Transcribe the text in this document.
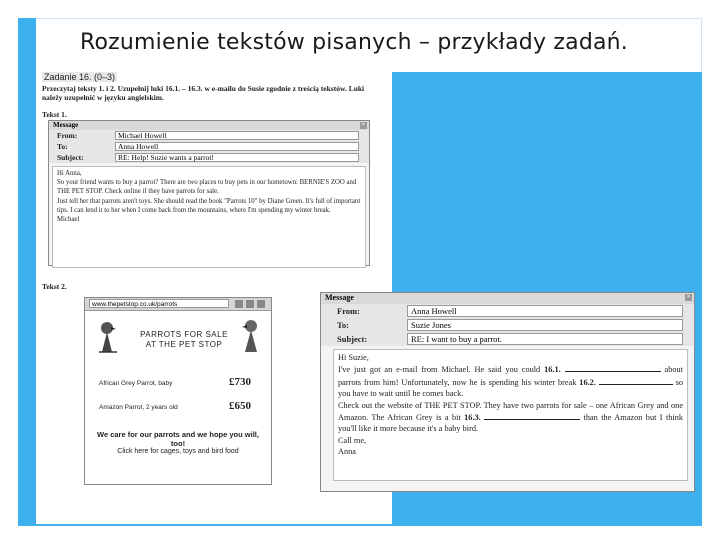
Rozumienie tekstów pisanych – przykłady zadań.
Zadanie 16. (0–3)
Przeczytaj teksty 1. i 2. Uzupełnij luki 16.1. – 16.3. w e-mailu do Susie zgodnie z treścią tekstów. Luki należy uzupełnić w języku angielskim.
Tekst 1.
Message	×
From:	Michael Howell
To:	Anna Howell
Subject:	RE: Help! Suzie wants a parrot!
Hi Anna,
So your friend wants to buy a parrot? There are two places to buy pets in our hometown: BERNIE'S ZOO and THE PET STOP. Check online if they have parrots for sale.
Just tell her that parrots aren't toys. She should read the book "Parrots 10" by Diane Green. It's full of important tips. I can lend it to her when I come back from the mountains, where I'm spending my winter break.
Michael
Tekst 2.
www.thepetstop.co.uk/parrots
PARROTS FOR SALE
AT THE PET STOP
African Grey Parrot, baby	£730
Amazon Parrot, 2 years old	£650
We care for our parrots and we hope you will, too!
Click here for cages, toys and bird food
Message	×
From:	Anna Howell
To:	Suzie Jones
Subject:	RE: I want to buy a parrot.
Hi Suzie,
I've just got an e-mail from Michael. He said you could 16.1.	about parrots from him! Unfortunately, now he is spending his winter break 16.2.	so you have to wait until he comes back.
Check out the website of THE PET STOP. They have two parrots for sale – one African Grey and one Amazon. The African Grey is a bit 16.3.	than the Amazon but I think you'll like it more because it's a baby bird.
Call me,
Anna
